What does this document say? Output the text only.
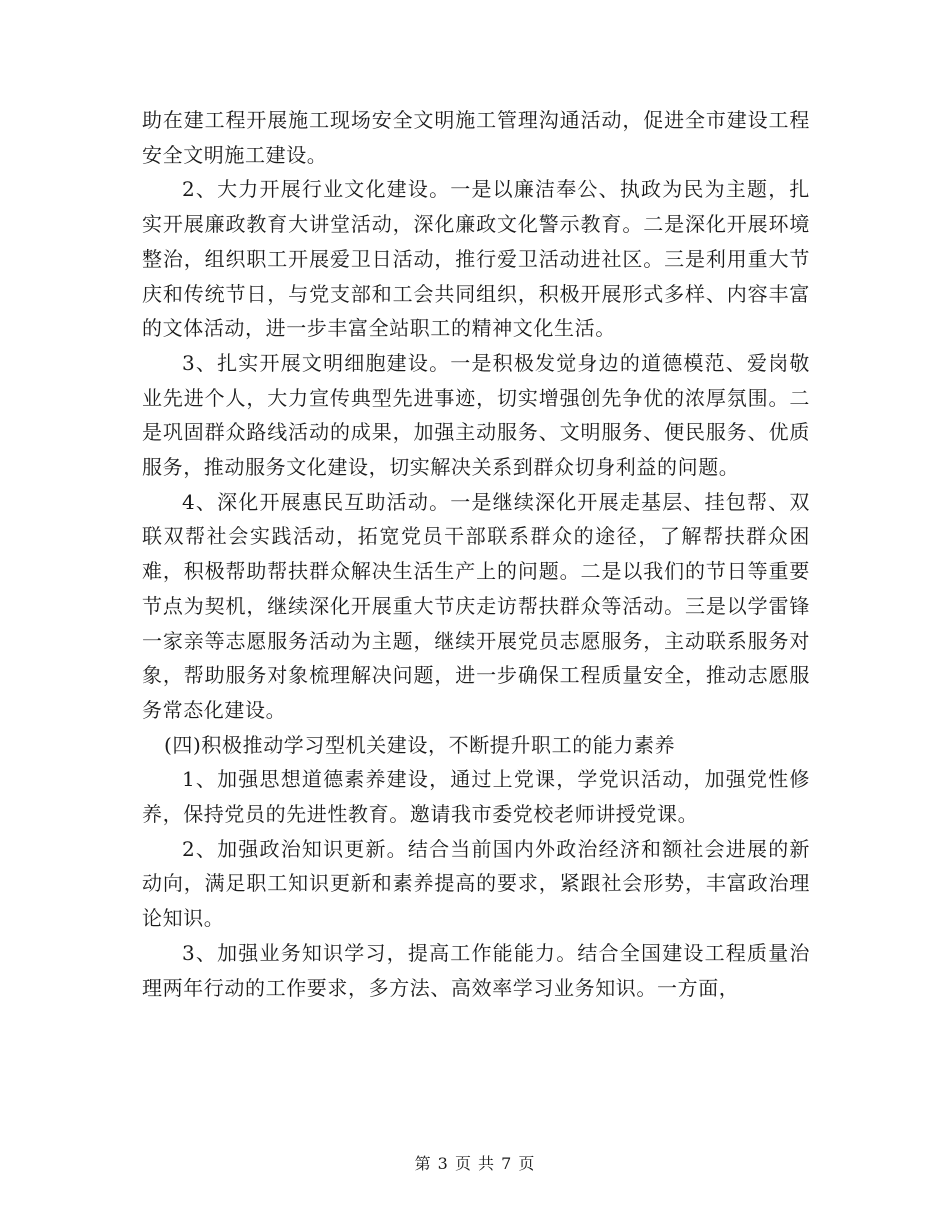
助在建工程开展施工现场安全文明施工管理沟通活动，促进全市建设工程安全文明施工建设。

2、大力开展行业文化建设。一是以廉洁奉公、执政为民为主题，扎实开展廉政教育大讲堂活动，深化廉政文化警示教育。二是深化开展环境整治，组织职工开展爱卫日活动，推行爱卫活动进社区。三是利用重大节庆和传统节日，与党支部和工会共同组织，积极开展形式多样、内容丰富的文体活动，进一步丰富全站职工的精神文化生活。

3、扎实开展文明细胞建设。一是积极发觉身边的道德模范、爱岗敬业先进个人，大力宣传典型先进事迹，切实增强创先争优的浓厚氛围。二是巩固群众路线活动的成果，加强主动服务、文明服务、便民服务、优质服务，推动服务文化建设，切实解决关系到群众切身利益的问题。

4、深化开展惠民互助活动。一是继续深化开展走基层、挂包帮、双联双帮社会实践活动，拓宽党员干部联系群众的途径，了解帮扶群众困难，积极帮助帮扶群众解决生活生产上的问题。二是以我们的节日等重要节点为契机，继续深化开展重大节庆走访帮扶群众等活动。三是以学雷锋一家亲等志愿服务活动为主题，继续开展党员志愿服务，主动联系服务对象，帮助服务对象梳理解决问题，进一步确保工程质量安全，推动志愿服务常态化建设。

(四)积极推动学习型机关建设，不断提升职工的能力素养

1、加强思想道德素养建设，通过上党课，学党识活动，加强党性修养，保持党员的先进性教育。邀请我市委党校老师讲授党课。

2、加强政治知识更新。结合当前国内外政治经济和额社会进展的新动向，满足职工知识更新和素养提高的要求，紧跟社会形势，丰富政治理论知识。

3、加强业务知识学习，提高工作能能力。结合全国建设工程质量治理两年行动的工作要求，多方法、高效率学习业务知识。一方面，

第 3 页 共 7 页
